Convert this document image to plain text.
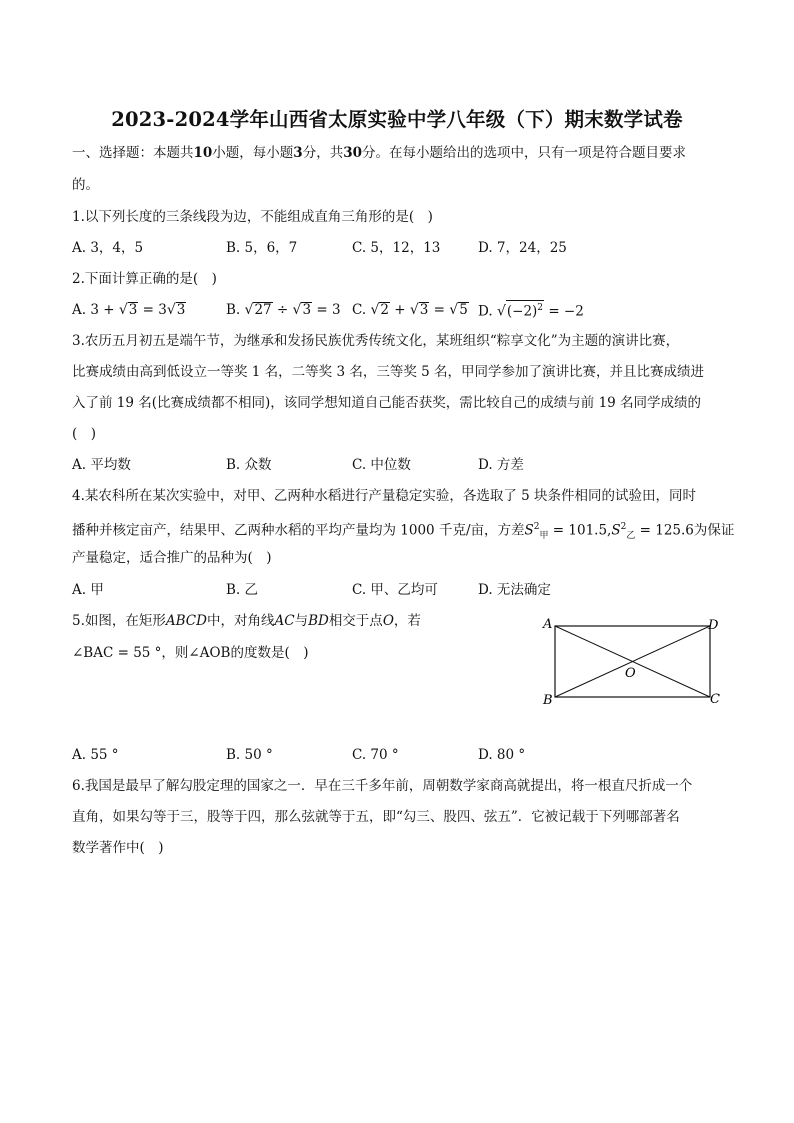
2023-2024学年山西省太原实验中学八年级（下）期末数学试卷
一、选择题：本题共10小题，每小题3分，共30分。在每小题给出的选项中，只有一项是符合题目要求
的。
1.以下列长度的三条线段为边，不能组成直角三角形的是(　)
A. 3，4，5	B. 5，6，7	C. 5，12，13	D. 7，24，25
2.下面计算正确的是(　)
A. 3 + √3 = 3√3	B. √27 ÷ √3 = 3 C. √2 + √3 = √5 D. $√(-2)^2 = -2$
3.农历五月初五是端午节，为继承和发扬民族优秀传统文化，某班组织“粽享文化”为主题的演讲比赛，
比赛成绩由高到低设立一等奖 1 名，二等奖 3 名，三等奖 5 名，甲同学参加了演讲比赛，并且比赛成绩进
入了前 19 名(比赛成绩都不相同)，该同学想知道自己能否获奖，需比较自己的成绩与前 19 名同学成绩的
(　)
A. 平均数	B. 众数	C. 中位数	D. 方差
4.某农科所在某次实验中，对甲、乙两种水稻进行产量稳定实验，各选取了 5 块条件相同的试验田，同时
播种并核定亩产，结果甲、乙两种水稻的平均产量均为 1000 千克/亩，方差$S^2_甲 = 101.5,S^2_乙 = 125.6$为保证
产量稳定，适合推广的品种为(　)
A. 甲	B. 乙	C. 甲、乙均可	D. 无法确定
5.如图，在矩形ABCD中，对角线AC与BD相交于点O，若
∠BAC = 55 °，则∠AOB的度数是(　)
A	D
B	C
O
A. 55 °	B. 50 °	C. 70 °	D. 80 °
6.我国是最早了解勾股定理的国家之一．早在三千多年前，周朝数学家商高就提出，将一根直尺折成一个
直角，如果勾等于三，股等于四，那么弦就等于五，即“勾三、股四、弦五”．它被记载于下列哪部著名
数学著作中(　)
